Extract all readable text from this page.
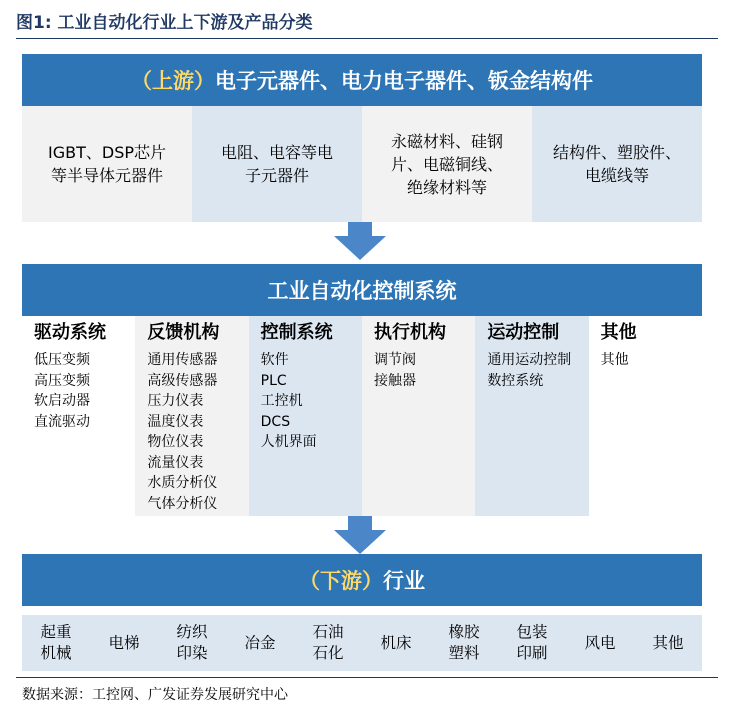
图1: 工业自动化行业上下游及产品分类
（上游） 电子元器件、电力电子器件、钣金结构件
IGBT、DSP芯片
等半导体元器件
电阻、电容等电
子元器件
永磁材料、硅钢
片、电磁铜线、
绝缘材料等
结构件、塑胶件、
电缆线等
工业自动化控制系统
驱动系统
低压变频
高压变频
软启动器
直流驱动
反馈机构
通用传感器
高级传感器
压力仪表
温度仪表
物位仪表
流量仪表
水质分析仪
气体分析仪
控制系统
软件
PLC
工控机
DCS
人机界面
执行机构
调节阀
接触器
运动控制
通用运动控制
数控系统
其他
其他
（下游） 行业
起重
机械
电梯
纺织
印染
冶金
石油
石化
机床
橡胶
塑料
包装
印刷
风电	其他
数据来源：工控网、广发证券发展研究中心
